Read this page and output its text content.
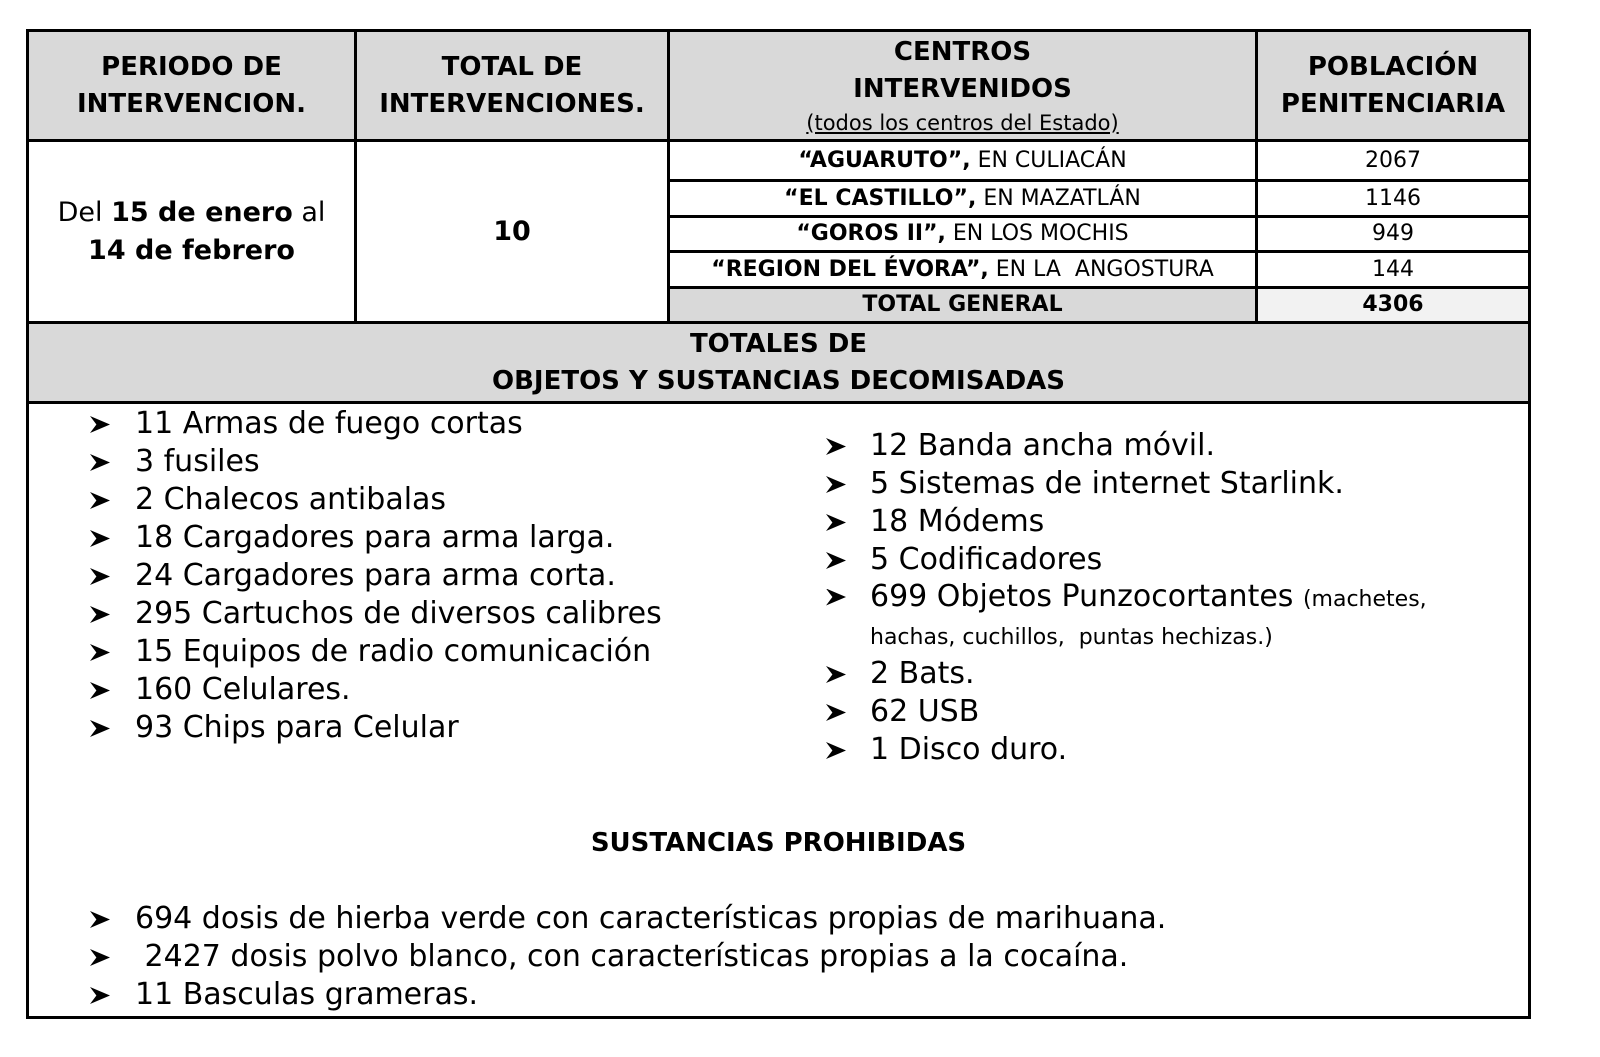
PERIODO DE
INTERVENCION.
TOTAL DE
INTERVENCIONES.
CENTROS
INTERVENIDOS
(todos los centros del Estado)
POBLACIÓN
PENITENCIARIA
Del 15 de enero al
14 de febrero
10
“AGUARUTO”, EN CULIACÁN
“EL CASTILLO”, EN MAZATLÁN
“GOROS II”, EN LOS MOCHIS
“REGION DEL ÉVORA”, EN LA  ANGOSTURA
TOTAL GENERAL
2067
1146
949
144
4306
TOTALES DE
OBJETOS Y SUSTANCIAS DECOMISADAS
11 Armas de fuego cortas
3 fusiles
2 Chalecos antibalas
18 Cargadores para arma larga.
24 Cargadores para arma corta.
295 Cartuchos de diversos calibres
15 Equipos de radio comunicación
160 Celulares.
93 Chips para Celular
12 Banda ancha móvil.
5 Sistemas de internet Starlink.
18 Módems
5 Codificadores
699 Objetos Punzocortantes (machetes, hachas, cuchillos,  puntas hechizas.)
2 Bats.
62 USB
1 Disco duro.
SUSTANCIAS PROHIBIDAS
694 dosis de hierba verde con características propias de marihuana.
2427 dosis polvo blanco, con características propias a la cocaína.
11 Basculas grameras.
